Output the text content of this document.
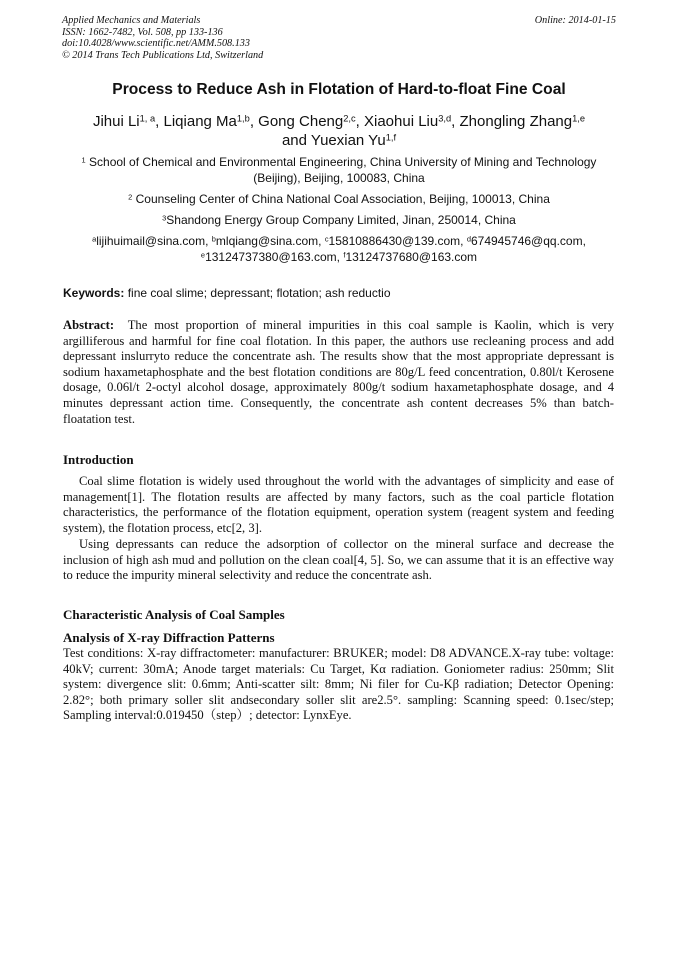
Applied Mechanics and Materials
ISSN: 1662-7482, Vol. 508, pp 133-136
doi:10.4028/www.scientific.net/AMM.508.133
© 2014 Trans Tech Publications Ltd, Switzerland
Online: 2014-01-15
Process to Reduce Ash in Flotation of Hard-to-float Fine Coal
Jihui Li$^{1, a}$, Liqiang Ma$^{1,b}$, Gong Cheng$^{2,c}$, Xiaohui Liu$^{3,d}$, Zhongling Zhang$^{1,e}$
and Yuexian Yu$^{1,f}$
$^1$ School of Chemical and Environmental Engineering, China University of Mining and Technology
(Beijing), Beijing, 100083, China
$^2$ Counseling Center of China National Coal Association, Beijing, 100013, China
$^3$Shandong Energy Group Company Limited, Jinan, 250014, China
$^a$lijihuimail@sina.com, $^b$mlqiang@sina.com, $^c$15810886430@139.com, $^d$674945746@qq.com,
$^e$13124737380@163.com, $^f$13124737680@163.com
Keywords: fine coal slime; depressant; flotation; ash reductio
Abstract: The most proportion of mineral impurities in this coal sample is Kaolin, which is very argilliferous and harmful for fine coal flotation. In this paper, the authors use recleaning process and add depressant inslurryto reduce the concentrate ash. The results show that the most appropriate depressant is sodium haxametaphosphate and the best flotation conditions are 80g/L feed concentration, 0.80l/t Kerosene dosage, 0.06l/t 2-octyl alcohol dosage, approximately 800g/t sodium haxametaphosphate dosage, and 4 minutes depressant action time. Consequently, the concentrate ash content decreases 5% than batch-floatation test.
Introduction
Coal slime flotation is widely used throughout the world with the advantages of simplicity and ease of management[1]. The flotation results are affected by many factors, such as the coal particle flotation characteristics, the performance of the flotation equipment, operation system (reagent system and feeding system), the flotation process, etc[2, 3].
Using depressants can reduce the adsorption of collector on the mineral surface and decrease the inclusion of high ash mud and pollution on the clean coal[4, 5]. So, we can assume that it is an effective way to reduce the impurity mineral selectivity and reduce the concentrate ash.
Characteristic Analysis of Coal Samples
Analysis of X-ray Diffraction Patterns
Test conditions: X-ray diffractometer: manufacturer: BRUKER; model: D8 ADVANCE.X-ray tube: voltage: 40kV; current: 30mA; Anode target materials: Cu Target, Kα radiation. Goniometer radius: 250mm; Slit system: divergence slit: 0.6mm; Anti-scatter silt: 8mm; Ni filer for Cu-Kβ radiation; Detector Opening: 2.82°; both primary soller slit andsecondary soller slit are2.5°. sampling: Scanning speed: 0.1sec/step; Sampling interval:0.019450（step）; detector: LynxEye.
